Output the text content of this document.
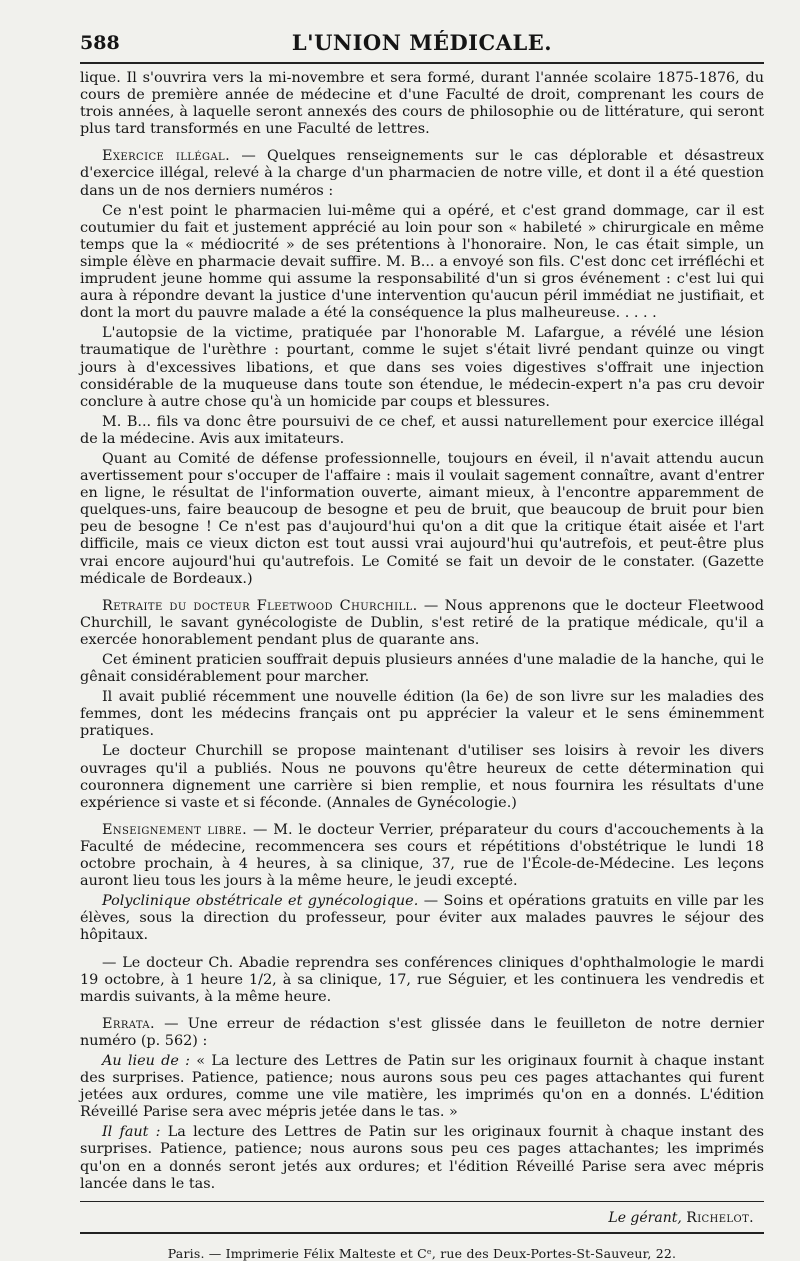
588	L'UNION MÉDICALE.

lique. Il s'ouvrira vers la mi-novembre et sera formé, durant l'année scolaire 1875-1876, du cours de première année de médecine et d'une Faculté de droit, comprenant les cours de trois années, à laquelle seront annexés des cours de philosophie ou de littérature, qui seront plus tard transformés en une Faculté de lettres.

Exercice illégal. — Quelques renseignements sur le cas déplorable et désastreux d'exercice illégal, relevé à la charge d'un pharmacien de notre ville, et dont il a été question dans un de nos derniers numéros :

Ce n'est point le pharmacien lui-même qui a opéré, et c'est grand dommage, car il est coutumier du fait et justement apprécié au loin pour son « habileté » chirurgicale en même temps que la « médiocrité » de ses prétentions à l'honoraire. Non, le cas était simple, un simple élève en pharmacie devait suffire. M. B... a envoyé son fils. C'est donc cet irréfléchi et imprudent jeune homme qui assume la responsabilité d'un si gros événement : c'est lui qui aura à répondre devant la justice d'une intervention qu'aucun péril immédiat ne justifiait, et dont la mort du pauvre malade a été la conséquence la plus malheureuse. . . . .

L'autopsie de la victime, pratiquée par l'honorable M. Lafargue, a révélé une lésion traumatique de l'urèthre : pourtant, comme le sujet s'était livré pendant quinze ou vingt jours à d'excessives libations, et que dans ses voies digestives s'offrait une injection considérable de la muqueuse dans toute son étendue, le médecin-expert n'a pas cru devoir conclure à autre chose qu'à un homicide par coups et blessures.

M. B... fils va donc être poursuivi de ce chef, et aussi naturellement pour exercice illégal de la médecine. Avis aux imitateurs.

Quant au Comité de défense professionnelle, toujours en éveil, il n'avait attendu aucun avertissement pour s'occuper de l'affaire : mais il voulait sagement connaître, avant d'entrer en ligne, le résultat de l'information ouverte, aimant mieux, à l'encontre apparemment de quelques-uns, faire beaucoup de besogne et peu de bruit, que beaucoup de bruit pour bien peu de besogne ! Ce n'est pas d'aujourd'hui qu'on a dit que la critique était aisée et l'art difficile, mais ce vieux dicton est tout aussi vrai aujourd'hui qu'autrefois, et peut-être plus vrai encore aujourd'hui qu'autrefois. Le Comité se fait un devoir de le constater. (Gazette médicale de Bordeaux.)

Retraite du docteur Fleetwood Churchill. — Nous apprenons que le docteur Fleetwood Churchill, le savant gynécologiste de Dublin, s'est retiré de la pratique médicale, qu'il a exercée honorablement pendant plus de quarante ans.

Cet éminent praticien souffrait depuis plusieurs années d'une maladie de la hanche, qui le gênait considérablement pour marcher.

Il avait publié récemment une nouvelle édition (la 6e) de son livre sur les maladies des femmes, dont les médecins français ont pu apprécier la valeur et le sens éminemment pratiques.

Le docteur Churchill se propose maintenant d'utiliser ses loisirs à revoir les divers ouvrages qu'il a publiés. Nous ne pouvons qu'être heureux de cette détermination qui couronnera dignement une carrière si bien remplie, et nous fournira les résultats d'une expérience si vaste et si féconde. (Annales de Gynécologie.)

Enseignement libre. — M. le docteur Verrier, préparateur du cours d'accouchements à la Faculté de médecine, recommencera ses cours et répétitions d'obstétrique le lundi 18 octobre prochain, à 4 heures, à sa clinique, 37, rue de l'École-de-Médecine. Les leçons auront lieu tous les jours à la même heure, le jeudi excepté.

Polyclinique obstétricale et gynécologique. — Soins et opérations gratuits en ville par les élèves, sous la direction du professeur, pour éviter aux malades pauvres le séjour des hôpitaux.

— Le docteur Ch. Abadie reprendra ses conférences cliniques d'ophthalmologie le mardi 19 octobre, à 1 heure 1/2, à sa clinique, 17, rue Séguier, et les continuera les vendredis et mardis suivants, à la même heure.

Errata. — Une erreur de rédaction s'est glissée dans le feuilleton de notre dernier numéro (p. 562) :

Au lieu de : « La lecture des Lettres de Patin sur les originaux fournit à chaque instant des surprises. Patience, patience; nous aurons sous peu ces pages attachantes qui furent jetées aux ordures, comme une vile matière, les imprimés qu'on en a donnés. L'édition Réveillé Parise sera avec mépris jetée dans le tas. »

Il faut : La lecture des Lettres de Patin sur les originaux fournit à chaque instant des surprises. Patience, patience; nous aurons sous peu ces pages attachantes; les imprimés qu'on en a donnés seront jetés aux ordures; et l'édition Réveillé Parise sera avec mépris lancée dans le tas.

Le gérant, Richelot.
Paris. — Imprimerie Félix Malteste et Cᵉ, rue des Deux-Portes-St-Sauveur, 22.
